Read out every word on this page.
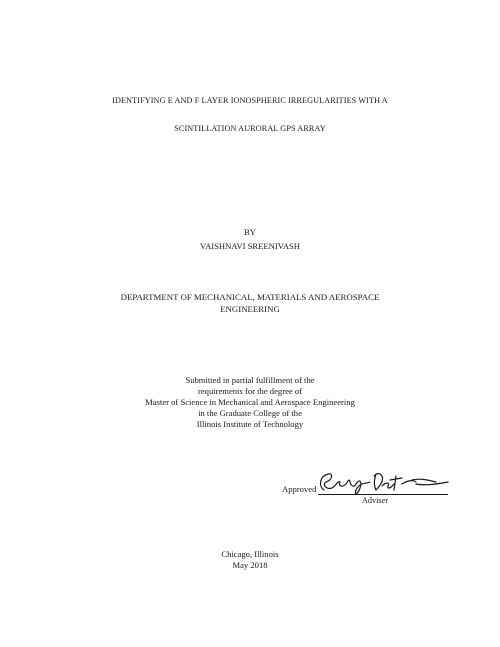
IDENTIFYING E AND F LAYER IONOSPHERIC IRREGULARITIES WITH A
SCINTILLATION AURORAL GPS ARRAY
BY
VAISHNAVI SREENIVASH
DEPARTMENT OF MECHANICAL, MATERIALS AND AEROSPACE
ENGINEERING
Submitted in partial fulfillment of the
requirements for the degree of
Master of Science in Mechanical and Aerospace Engineering
in the Graduate College of the
Illinois Institute of Technology
Approved
Adviser
Chicago, Illinois
May 2018
